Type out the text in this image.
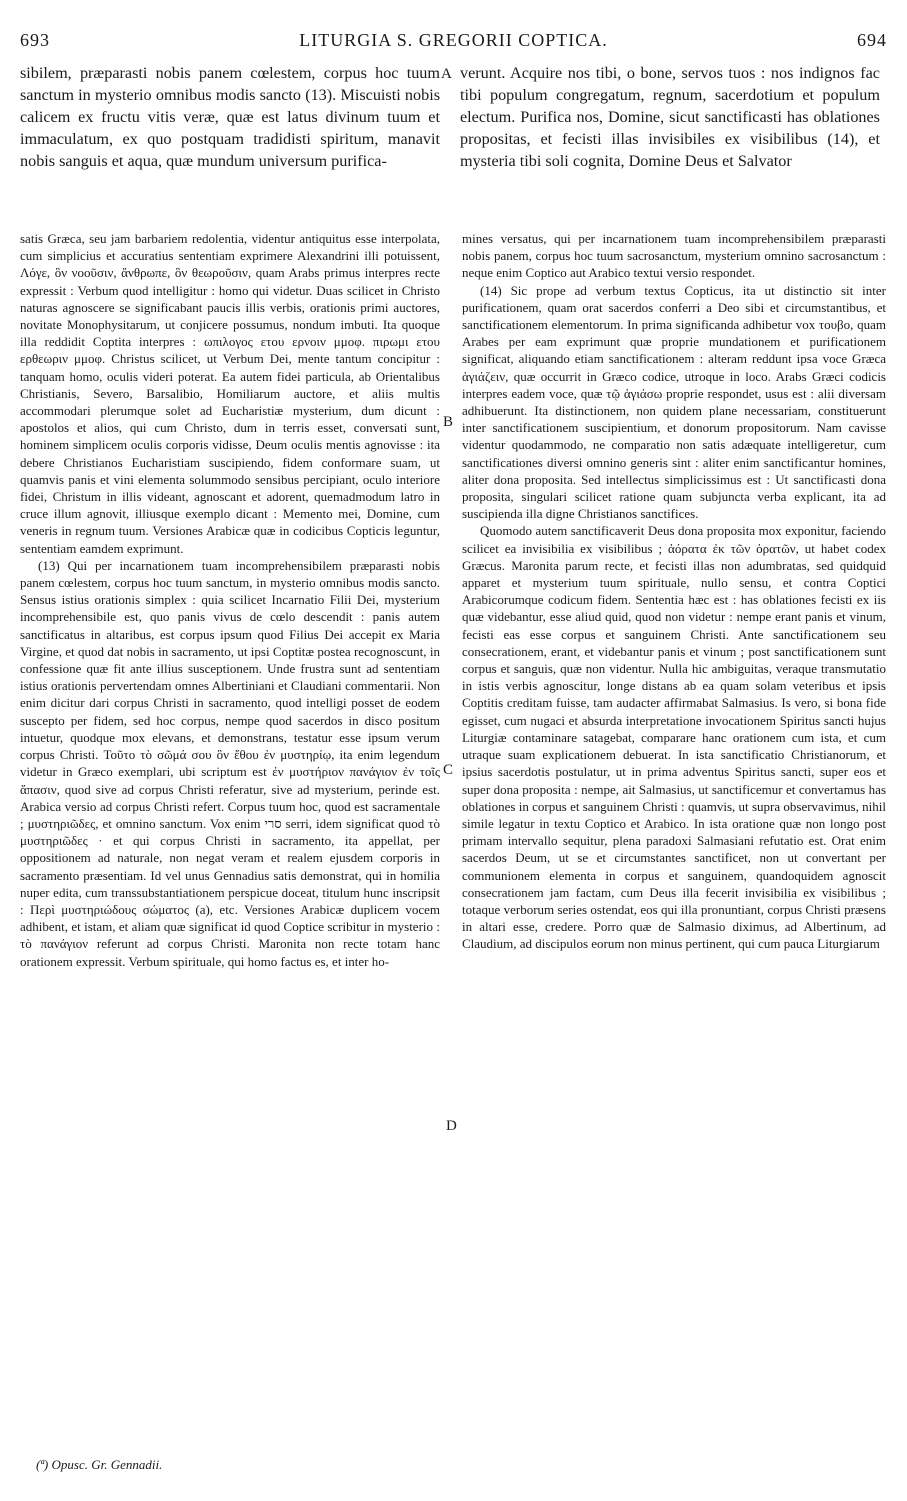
693	LITURGIA S. GREGORII COPTICA.	694

sibilem, præparasti nobis panem cœlestem, corpus hoc tuum sanctum in mysterio omnibus modis sancto (13). Miscuisti nobis calicem ex fructu vitis veræ, quæ est latus divinum tuum et immaculatum, ex quo postquam tradidisti spiritum, manavit nobis sanguis et aqua, quæ mundum universum purifica-

verunt. Acquire nos tibi, o bone, servos tuos : nos indignos fac tibi populum congregatum, regnum, sacerdotium et populum electum. Purifica nos, Domine, sicut sanctificasti has oblationes propositas, et fecisti illas invisibiles ex visibilibus (14), et mysteria tibi soli cognita, Domine Deus et Salvator

A
B
C
D

satis Græca, seu jam barbariem redolentia, videntur antiquitus esse interpolata, cum simplicius et accuratius sententiam exprimere Alexandrini illi potuissent, Λόγε, ὃν νοοῦσιν, ἄνθρωπε, ὃν θεωροῦσιν, quam Arabs primus interpres recte expressit : Verbum quod intelligitur : homo qui videtur. Duas scilicet in Christo naturas agnoscere se significabant paucis illis verbis, orationis primi auctores, novitate Monophysitarum, ut conjicere possumus, nondum imbuti. Ita quoque illa reddidit Coptita interpres : ωπιλογος ετου ερνοιν μμοφ. πιρωμι ετου ερθεωριν μμοφ. Christus scilicet, ut Verbum Dei, mente tantum concipitur : tanquam homo, oculis videri poterat. Ea autem fidei particula, ab Orientalibus Christianis, Severo, Barsalibio, Homiliarum auctore, et aliis multis accommodari plerumque solet ad Eucharistiæ mysterium, dum dicunt : apostolos et alios, qui cum Christo, dum in terris esset, conversati sunt, hominem simplicem oculis corporis vidisse, Deum oculis mentis agnovisse : ita debere Christianos Eucharistiam suscipiendo, fidem conformare suam, ut quamvis panis et vini elementa solummodo sensibus percipiant, oculo interiore fidei, Christum in illis videant, agnoscant et adorent, quemadmodum latro in cruce illum agnovit, illiusque exemplo dicant : Memento mei, Domine, cum veneris in regnum tuum. Versiones Arabicæ quæ in codicibus Copticis leguntur, sententiam eamdem exprimunt.

(13) Qui per incarnationem tuam incomprehensibilem præparasti nobis panem cœlestem, corpus hoc tuum sanctum, in mysterio omnibus modis sancto. Sensus istius orationis simplex : quia scilicet Incarnatio Filii Dei, mysterium incomprehensibile est, quo panis vivus de cœlo descendit : panis autem sanctificatus in altaribus, est corpus ipsum quod Filius Dei accepit ex Maria Virgine, et quod dat nobis in sacramento, ut ipsi Coptitæ postea recognoscunt, in confessione quæ fit ante illius susceptionem. Unde frustra sunt ad sententiam istius orationis pervertendam omnes Albertiniani et Claudiani commentarii. Non enim dicitur dari corpus Christi in sacramento, quod intelligi posset de eodem suscepto per fidem, sed hoc corpus, nempe quod sacerdos in disco positum intuetur, quodque mox elevans, et demonstrans, testatur esse ipsum verum corpus Christi. Τοῦτο τὸ σῶμά σου ὃν ἔθου ἐν μυστηρίῳ, ita enim legendum videtur in Græco exemplari, ubi scriptum est ἐν μυστήριον πανάγιον ἐν τοῖς ἅπασιν, quod sive ad corpus Christi referatur, sive ad mysterium, perinde est. Arabica versio ad corpus Christi refert. Corpus tuum hoc, quod est sacramentale ; μυστηριῶδες, et omnino sanctum. Vox enim סרי serri, idem significat quod τὸ μυστηριῶδες · et qui corpus Christi in sacramento, ita appellat, per oppositionem ad naturale, non negat veram et realem ejusdem corporis in sacramento præsentiam. Id vel unus Gennadius satis demonstrat, qui in homilia nuper edita, cum transsubstantiationem perspicue doceat, titulum hunc inscripsit : Περὶ μυστηριώδους σώματος (a), etc. Versiones Arabicæ duplicem vocem adhibent, et istam, et aliam quæ significat id quod Coptice scribitur in mysterio : τὸ πανάγιον referunt ad corpus Christi. Maronita non recte totam hanc orationem expressit. Verbum spirituale, qui homo factus es, et inter ho-

mines versatus, qui per incarnationem tuam incomprehensibilem præparasti nobis panem, corpus hoc tuum sacrosanctum, mysterium omnino sacrosanctum : neque enim Coptico aut Arabico textui versio respondet.

(14) Sic prope ad verbum textus Copticus, ita ut distinctio sit inter purificationem, quam orat sacerdos conferri a Deo sibi et circumstantibus, et sanctificationem elementorum. In prima significanda adhibetur vox τουβο, quam Arabes per eam exprimunt quæ proprie mundationem et purificationem significat, aliquando etiam sanctificationem : alteram reddunt ipsa voce Græca ἁγιάζειν, quæ occurrit in Græco codice, utroque in loco. Arabs Græci codicis interpres eadem voce, quæ τῷ ἁγιάσω proprie respondet, usus est : alii diversam adhibuerunt. Ita distinctionem, non quidem plane necessariam, constituerunt inter sanctificationem suscipientium, et donorum propositorum. Nam cavisse videntur quodammodo, ne comparatio non satis adæquate intelligeretur, cum sanctificationes diversi omnino generis sint : aliter enim sanctificantur homines, aliter dona proposita. Sed intellectus simplicissimus est : Ut sanctificasti dona proposita, singulari scilicet ratione quam subjuncta verba explicant, ita ad suscipienda illa digne Christianos sanctifices.

Quomodo autem sanctificaverit Deus dona proposita mox exponitur, faciendo scilicet ea invisibilia ex visibilibus ; ἀόρατα ἐκ τῶν ὁρατῶν, ut habet codex Græcus. Maronita parum recte, et fecisti illas non adumbratas, sed quidquid apparet et mysterium tuum spirituale, nullo sensu, et contra Coptici Arabicorumque codicum fidem. Sententia hæc est : has oblationes fecisti ex iis quæ videbantur, esse aliud quid, quod non videtur : nempe erant panis et vinum, fecisti eas esse corpus et sanguinem Christi. Ante sanctificationem seu consecrationem, erant, et videbantur panis et vinum ; post sanctificationem sunt corpus et sanguis, quæ non videntur. Nulla hic ambiguitas, veraque transmutatio in istis verbis agnoscitur, longe distans ab ea quam solam veteribus et ipsis Coptitis creditam fuisse, tam audacter affirmabat Salmasius. Is vero, si bona fide egisset, cum nugaci et absurda interpretatione invocationem Spiritus sancti hujus Liturgiæ contaminare satagebat, comparare hanc orationem cum ista, et cum utraque suam explicationem debuerat. In ista sanctificatio Christianorum, et ipsius sacerdotis postulatur, ut in prima adventus Spiritus sancti, super eos et super dona proposita : nempe, ait Salmasius, ut sanctificemur et convertamus has oblationes in corpus et sanguinem Christi : quamvis, ut supra observavimus, nihil simile legatur in textu Coptico et Arabico. In ista oratione quæ non longo post primam intervallo sequitur, plena paradoxi Salmasiani refutatio est. Orat enim sacerdos Deum, ut se et circumstantes sanctificet, non ut convertant per communionem elementa in corpus et sanguinem, quandoquidem agnoscit consecrationem jam factam, cum Deus illa fecerit invisibilia ex visibilibus ; totaque verborum series ostendat, eos qui illa pronuntiant, corpus Christi præsens in altari esse, credere. Porro quæ de Salmasio diximus, ad Albertinum, ad Claudium, ad discipulos eorum non minus pertinent, qui cum pauca Liturgiarum

(ª) Opusc. Gr. Gennadii.
